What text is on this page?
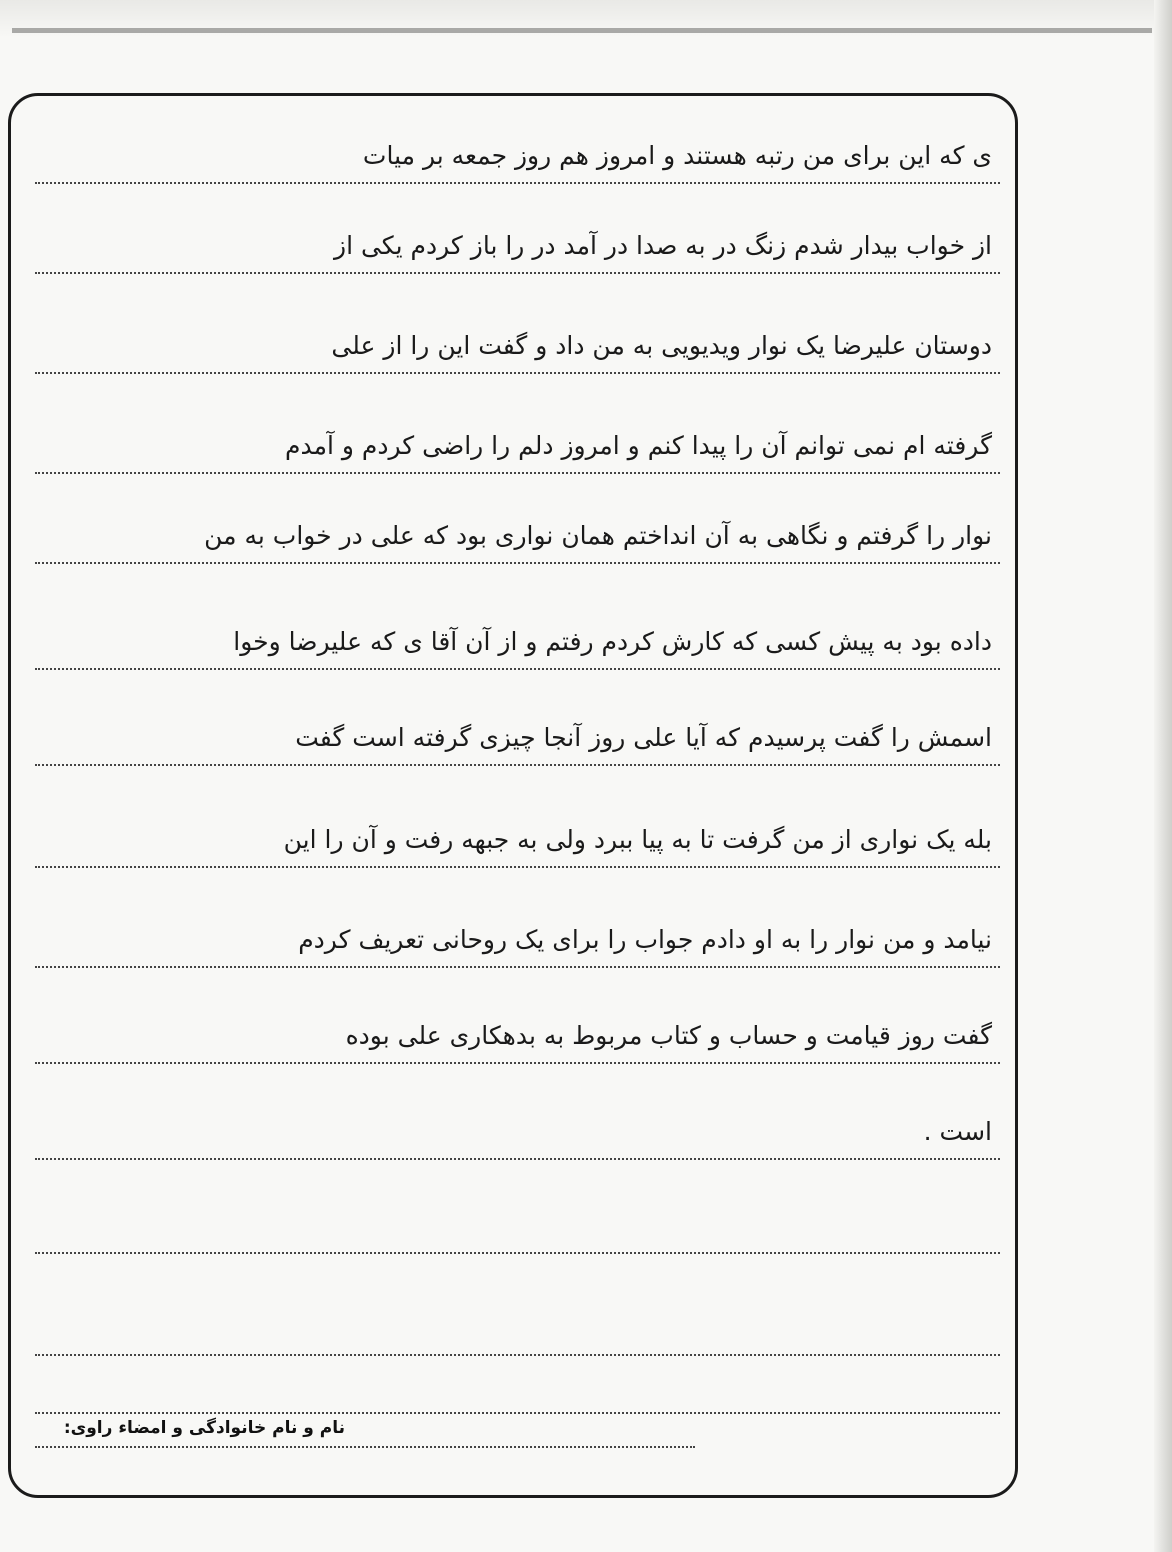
ی کە این برای من رتبە هستند و امروز هم روز جمعه بر میات
از خواب بیدار شدم زنگ در به صدا در آمد در را باز کردم یکی از
دوستان علیرضا یک نوار ویدیویی به من داد و گفت این را از علی
گرفته ام نمی توانم آن را پیدا کنم و امروز دلم را راضی کردم و آمدم
نوار را گرفتم و نگاهی به آن انداختم همان نواری بود که علی در خواب به من
داده بود به پیش کسی که کارش کردم رفتم و از آن آقا ی که علیرضا وخوا
اسمش را گفت پرسیدم که آیا علی روز آنجا چیزی گرفته است گفت
بله یک نواری از من گرفت تا به پیا ببرد ولی به جبهه رفت و آن را این
نیامد و من نوار را به او دادم جواب را برای یک روحانی تعریف کردم
گفت روز قیامت و حساب و کتاب مربوط به بدهکاری علی بوده
است .
نام و نام خانوادگی و امضاء راوی:
